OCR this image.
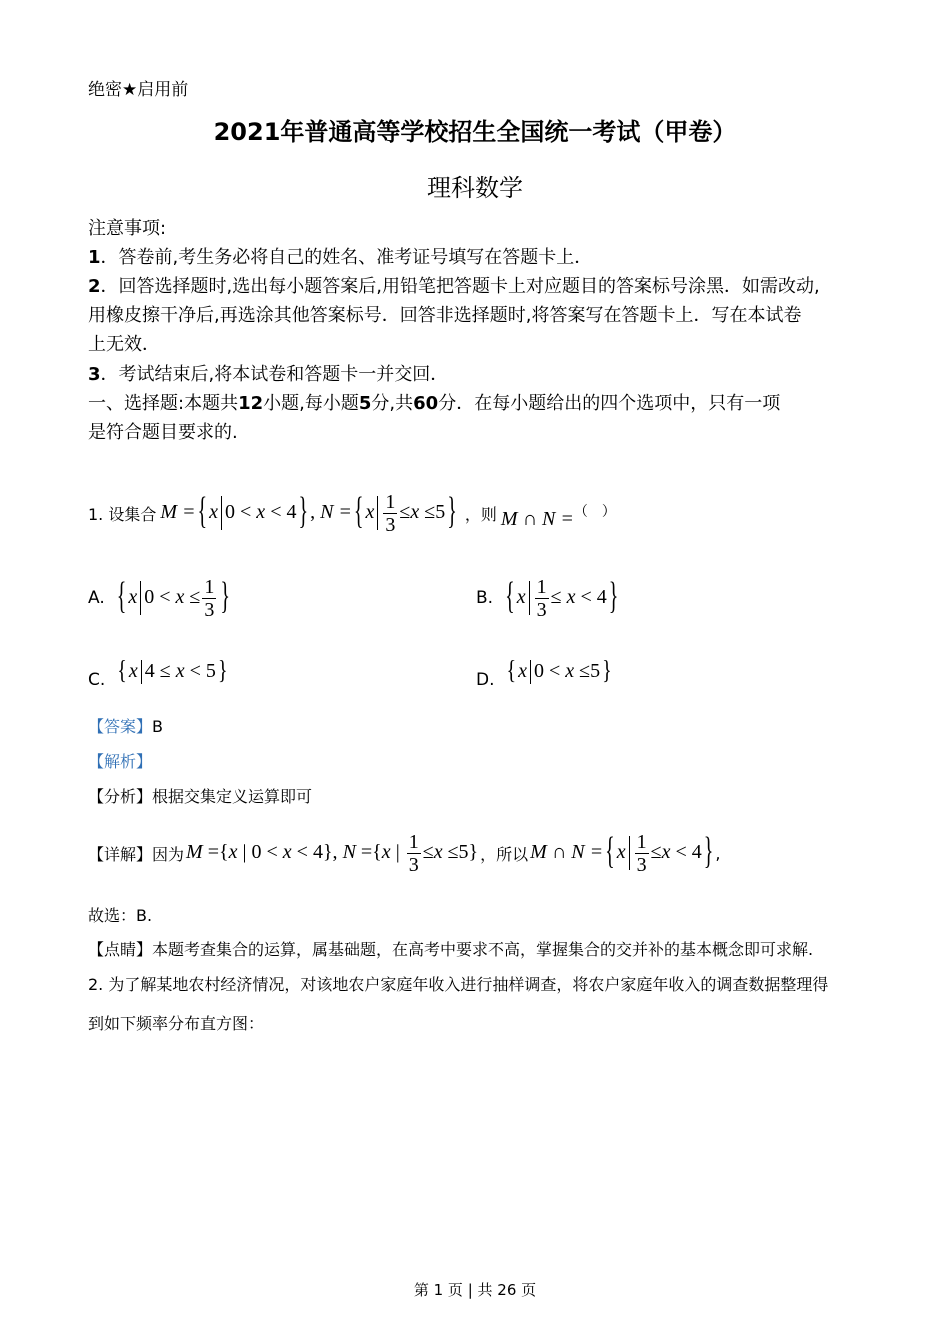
绝密★启用前
2021年普通高等学校招生全国统一考试（甲卷）
理科数学
注意事项:
1．答卷前,考生务必将自己的姓名、准考证号填写在答题卡上．
2．回答选择题时,选出每小题答案后,用铅笔把答题卡上对应题目的答案标号涂黑．如需改动,
用橡皮擦干净后,再选涂其他答案标号．回答非选择题时,将答案写在答题卡上．写在本试卷
上无效．
3．考试结束后,将本试卷和答题卡一并交回．
一、选择题:本题共12小题,每小题5分,共60分．在每小题给出的四个选项中，只有一项
是符合题目要求的.
1. 设集合 M = { x 0 < x < 4 } , N = { x $\frac{1}{3} \le x \le 5$ } ，则 M ∩ N = （　）
A. { x $0 < x \le \frac{1}{3}$ }	B. { x $\frac{1}{3} \le x < 4$ }
C. { x 4 ≤ x < 5 }	D. { x 0 < x ≤5 }
【答案】B
【解析】
【分析】根据交集定义运算即可
【详解】 因为 M ={x | 0 < x < 4}, N ={x | $\frac{1}{3} \le x \le 5$} ，所以 M ∩ N = { x $\frac{1}{3} \le x < 4$ } ,
故选：B.
【点睛】本题考查集合的运算，属基础题，在高考中要求不高，掌握集合的交并补的基本概念即可求解.
2. 为了解某地农村经济情况，对该地农户家庭年收入进行抽样调查，将农户家庭年收入的调查数据整理得
到如下频率分布直方图：
第 1 页 | 共 26 页
